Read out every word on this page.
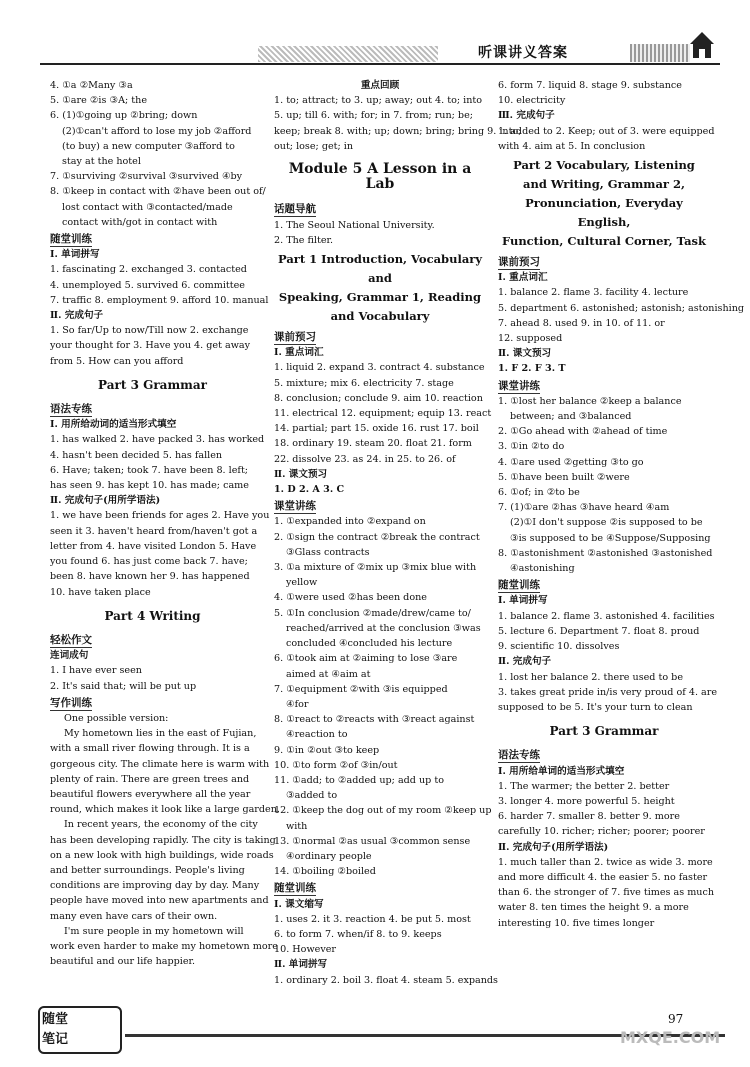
听课讲义答案
4. ①a ②Many ③a
5. ①are ②is ③A; the
6. (1)①going up ②bring; down
(2)①can't afford to lose my job ②afford
(to buy) a new computer ③afford to
stay at the hotel
7. ①surviving ②survival ③survived ④by
8. ①keep in contact with ②have been out of/
lost contact with ③contacted/made
contact with/got in contact with
随堂训练
Ⅰ. 单词拼写
1. fascinating 2. exchanged 3. contacted
4. unemployed 5. survived 6. committee
7. traffic 8. employment 9. afford 10. manual
Ⅱ. 完成句子
1. So far/Up to now/Till now 2. exchange
your thought for 3. Have you 4. get away
from 5. How can you afford
Part 3 Grammar
语法专练
Ⅰ. 用所给动词的适当形式填空
1. has walked 2. have packed 3. has worked
4. hasn't been decided 5. has fallen
6. Have; taken; took 7. have been 8. left;
has seen 9. has kept 10. has made; came
Ⅱ. 完成句子(用所学语法)
1. we have been friends for ages 2. Have you
seen it 3. haven't heard from/haven't got a
letter from 4. have visited London 5. Have
you found 6. has just come back 7. have;
been 8. have known her 9. has happened
10. have taken place
Part 4 Writing
轻松作文
连词成句
1. I have ever seen
2. It's said that; will be put up
写作训练
One possible version:
My hometown lies in the east of Fujian,
with a small river flowing through. It is a
gorgeous city. The climate here is warm with
plenty of rain. There are green trees and
beautiful flowers everywhere all the year
round, which makes it look like a large garden.
In recent years, the economy of the city
has been developing rapidly. The city is taking
on a new look with high buildings, wide roads
and better surroundings. People's living
conditions are improving day by day. Many
people have moved into new apartments and
many even have cars of their own.
I'm sure people in my hometown will
work even harder to make my hometown more
beautiful and our life happier.
重点回顾
1. to; attract; to 3. up; away; out 4. to; into
5. up; till 6. with; for; in 7. from; run; be;
keep; break 8. with; up; down; bring; bring 9. into;
out; lose; get; in
Module 5 A Lesson in a Lab
话题导航
1. The Seoul National University.
2. The filter.
Part 1 Introduction, Vocabulary and
Speaking, Grammar 1, Reading
and Vocabulary
课前预习
Ⅰ. 重点词汇
1. liquid 2. expand 3. contract 4. substance
5. mixture; mix 6. electricity 7. stage
8. conclusion; conclude 9. aim 10. reaction
11. electrical 12. equipment; equip 13. react
14. partial; part 15. oxide 16. rust 17. boil
18. ordinary 19. steam 20. float 21. form
22. dissolve 23. as 24. in 25. to 26. of
Ⅱ. 课文预习
1. D 2. A 3. C
课堂讲练
1. ①expanded into ②expand on
2. ①sign the contract ②break the contract
③Glass contracts
3. ①a mixture of ②mix up ③mix blue with
yellow
4. ①were used ②has been done
5. ①In conclusion ②made/drew/came to/
reached/arrived at the conclusion ③was
concluded ④concluded his lecture
6. ①took aim at ②aiming to lose ③are
aimed at ④aim at
7. ①equipment ②with ③is equipped
④for
8. ①react to ②reacts with ③react against
④reaction to
9. ①in ②out ③to keep
10. ①to form ②of ③in/out
11. ①add; to ②added up; add up to
③added to
12. ①keep the dog out of my room ②keep up
with
13. ①normal ②as usual ③common sense
④ordinary people
14. ①boiling ②boiled
随堂训练
Ⅰ. 课文缩写
1. uses 2. it 3. reaction 4. be put 5. most
6. to form 7. when/if 8. to 9. keeps
10. However
Ⅱ. 单词拼写
1. ordinary 2. boil 3. float 4. steam 5. expands
6. form 7. liquid 8. stage 9. substance
10. electricity
Ⅲ. 完成句子
1. added to 2. Keep; out of 3. were equipped
with 4. aim at 5. In conclusion
Part 2 Vocabulary, Listening
and Writing, Grammar 2,
Pronunciation, Everyday English,
Function, Cultural Corner, Task
课前预习
Ⅰ. 重点词汇
1. balance 2. flame 3. facility 4. lecture
5. department 6. astonished; astonish; astonishing
7. ahead 8. used 9. in 10. of 11. or
12. supposed
Ⅱ. 课文预习
1. F 2. F 3. T
课堂讲练
1. ①lost her balance ②keep a balance
between; and ③balanced
2. ①Go ahead with ②ahead of time
3. ①in ②to do
4. ①are used ②getting ③to go
5. ①have been built ②were
6. ①of; in ②to be
7. (1)①are ②has ③have heard ④am
(2)①I don't suppose ②is supposed to be
③is supposed to be ④Suppose/Supposing
8. ①astonishment ②astonished ③astonished
④astonishing
随堂训练
Ⅰ. 单词拼写
1. balance 2. flame 3. astonished 4. facilities
5. lecture 6. Department 7. float 8. proud
9. scientific 10. dissolves
Ⅱ. 完成句子
1. lost her balance 2. there used to be
3. takes great pride in/is very proud of 4. are
supposed to be 5. It's your turn to clean
Part 3 Grammar
语法专练
Ⅰ. 用所给单词的适当形式填空
1. The warmer; the better 2. better
3. longer 4. more powerful 5. height
6. harder 7. smaller 8. better 9. more
carefully 10. richer; richer; poorer; poorer
Ⅱ. 完成句子(用所学语法)
1. much taller than 2. twice as wide 3. more
and more difficult 4. the easier 5. no faster
than 6. the stronger of 7. five times as much
water 8. ten times the height 9. a more
interesting 10. five times longer
随堂
笔记
97
MXQE.COM
